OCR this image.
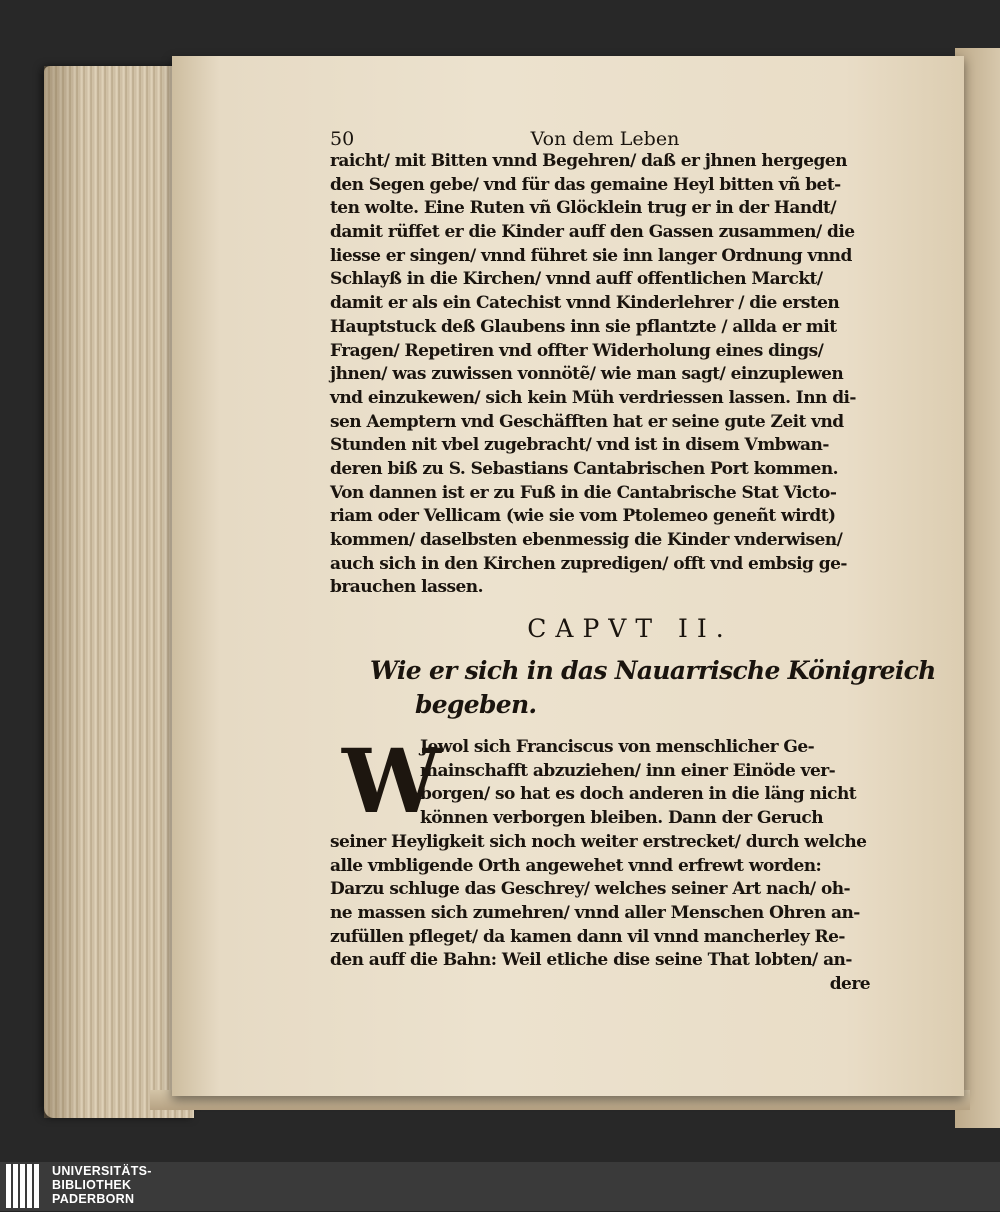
50	Von dem Leben
raicht/ mit Bitten vnnd Begehren/ daß er jhnen hergegen
den Segen gebe/ vnd für das gemaine Heyl bitten vñ bet-
ten wolte. Eine Ruten vñ Glöcklein trug er in der Handt/
damit rüffet er die Kinder auff den Gassen zusammen/ die
liesse er singen/ vnnd führet sie inn langer Ordnung vnnd
Schlayß in die Kirchen/ vnnd auff offentlichen Marckt/
damit er als ein Catechist vnnd Kinderlehrer / die ersten
Hauptstuck deß Glaubens inn sie pflantzte / allda er mit
Fragen/ Repetiren vnd offter Widerholung eines dings/
jhnen/ was zuwissen vonnötẽ/ wie man sagt/ einzuplewen
vnd einzukewen/ sich kein Müh verdriessen lassen. Inn di-
sen Aemptern vnd Geschäfften hat er seine gute Zeit vnd
Stunden nit vbel zugebracht/ vnd ist in disem Vmbwan-
deren biß zu S. Sebastians Cantabrischen Port kommen.
Von dannen ist er zu Fuß in die Cantabrische Stat Victo-
riam oder Vellicam (wie sie vom Ptolemeo geneñt wirdt)
kommen/ daselbsten ebenmessig die Kinder vnderwisen/
auch sich in den Kirchen zupredigen/ offt vnd embsig ge-
brauchen lassen.
CAPVT II.
Wie er sich in das Nauarrische Königreich
begeben.
W
Jewol sich Franciscus von menschlicher Ge-
mainschafft abzuziehen/ inn einer Einöde ver-
borgen/ so hat es doch anderen in die läng nicht
können verborgen bleiben. Dann der Geruch
seiner Heyligkeit sich noch weiter erstrecket/ durch welche
alle vmbligende Orth angewehet vnnd erfrewt worden:
Darzu schluge das Geschrey/ welches seiner Art nach/ oh-
ne massen sich zumehren/ vnnd aller Menschen Ohren an-
zufüllen pfleget/ da kamen dann vil vnnd mancherley Re-
den auff die Bahn: Weil etliche dise seine That lobten/ an-
dere
UNIVERSITÄTS-
BIBLIOTHEK
PADERBORN
